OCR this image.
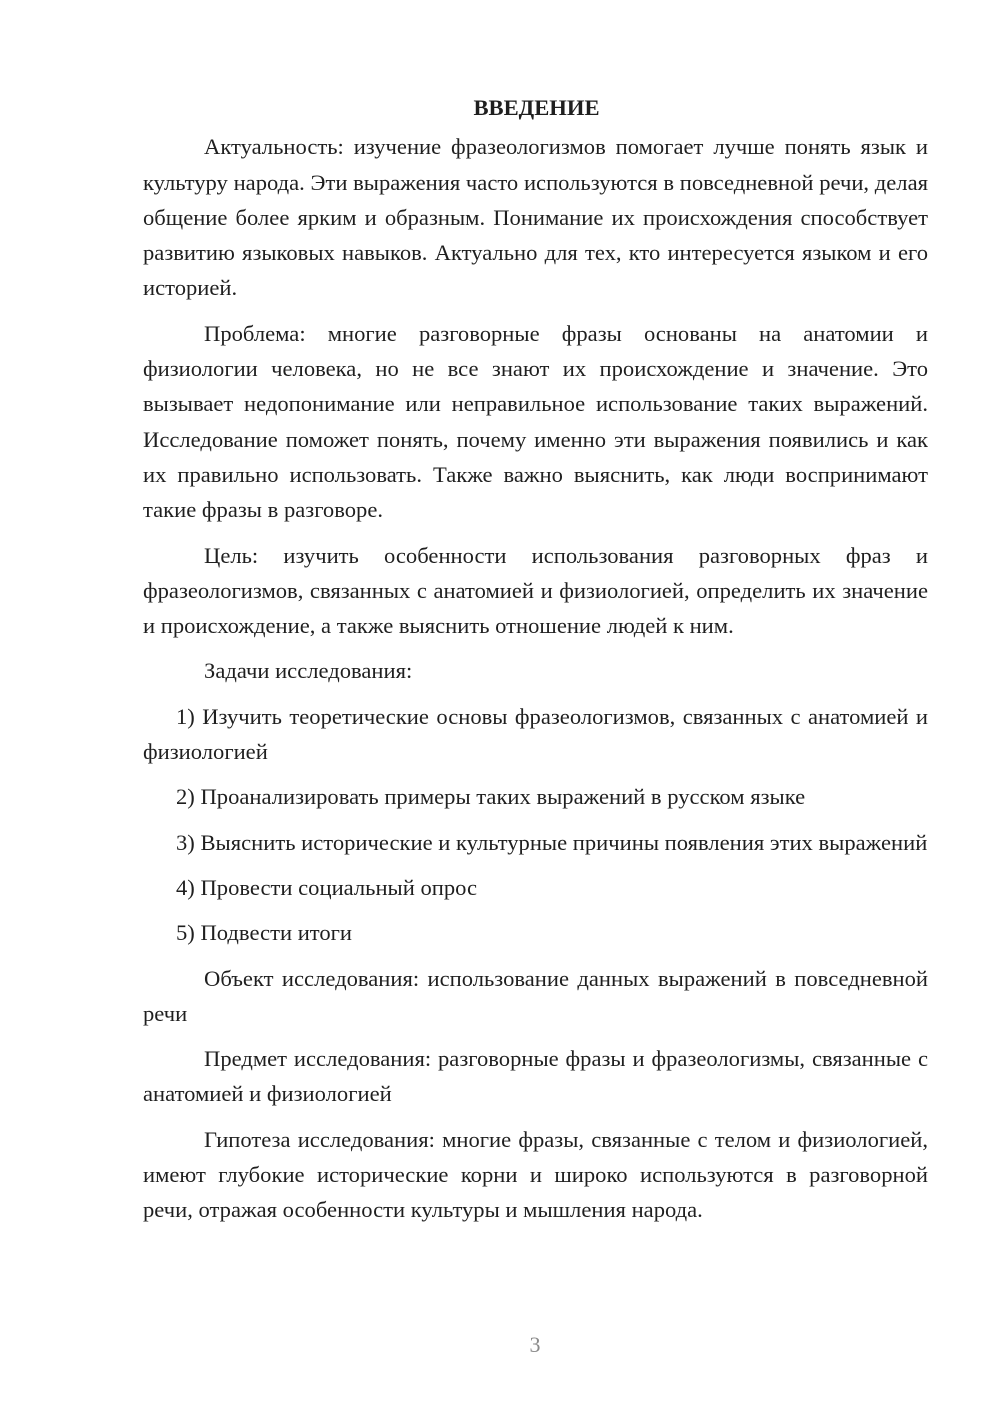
ВВЕДЕНИЕ

Актуальность: изучение фразеологизмов помогает лучше понять язык и культуру народа. Эти выражения часто используются в повседневной речи, делая общение более ярким и образным. Понимание их происхождения способствует развитию языковых навыков. Актуально для тех, кто интересуется языком и его историей.

Проблема: многие разговорные фразы основаны на анатомии и физиологии человека, но не все знают их происхождение и значение. Это вызывает недопонимание или неправильное использование таких выражений. Исследование поможет понять, почему именно эти выражения появились и как их правильно использовать. Также важно выяснить, как люди воспринимают такие фразы в разговоре.

Цель: изучить особенности использования разговорных фраз и фразеологизмов, связанных с анатомией и физиологией, определить их значение и происхождение, а также выяснить отношение людей к ним.

Задачи исследования:

1) Изучить теоретические основы фразеологизмов, связанных с анатомией и физиологией

2) Проанализировать примеры таких выражений в русском языке

3) Выяснить исторические и культурные причины появления этих выражений

4) Провести социальный опрос

5) Подвести итоги

Объект исследования: использование данных выражений в повседневной речи

Предмет исследования: разговорные фразы и фразеологизмы, связанные с анатомией и физиологией

Гипотеза исследования: многие фразы, связанные с телом и физиологией, имеют глубокие исторические корни и широко используются в разговорной речи, отражая особенности культуры и мышления народа.

3
